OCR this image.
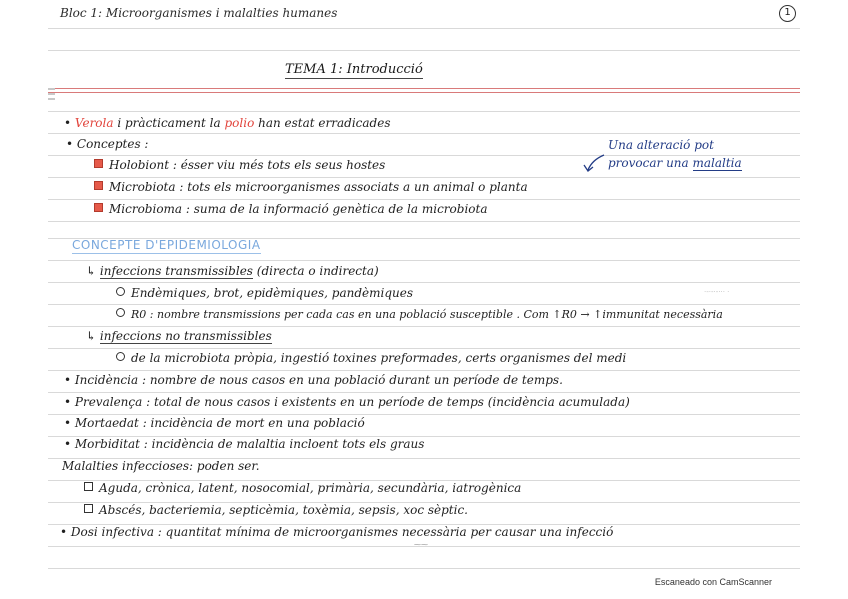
Bloc 1: Microorganismes i malalties humanes	1
TEMA 1: Introducció
• Verola i pràcticament la polio han estat erradicades
• Conceptes :
Holobiont : ésser viu més tots els seus hostes
Microbiota : tots els microorganismes associats a un animal o planta
Microbioma : suma de la informació genètica de la microbiota
Una alteració pot
provocar una malaltia
CONCEPTE D'EPIDEMIOLOGIA
↳ infeccions transmissibles (directa o indirecta)
Endèmiques, brot, epidèmiques, pandèmiques	·-·-·-··· ·
R0 : nombre transmissions per cada cas en una població susceptible . Com ↑R0 → ↑immunitat necessària
↳ infeccions no transmissibles
de la microbiota pròpia, ingestió toxines preformades, certs organismes del medi
• Incidència : nombre de nous casos en una població durant un període de temps.
• Prevalença : total de nous casos i existents en un període de temps (incidència acumulada)
• Mortaedat : incidència de mort en una població
• Morbiditat : incidència de malaltia incloent tots els graus
Malalties infeccioses: poden ser.
Aguda, crònica, latent, nosocomial, primària, secundària, iatrogènica
Abscés, bacteriemia, septicèmia, toxèmia, sepsis, xoc sèptic.
• Dosi infectiva : quantitat mínima de microorganismes necessària per causar una infecció
⁓⁓
Escaneado con CamScanner
